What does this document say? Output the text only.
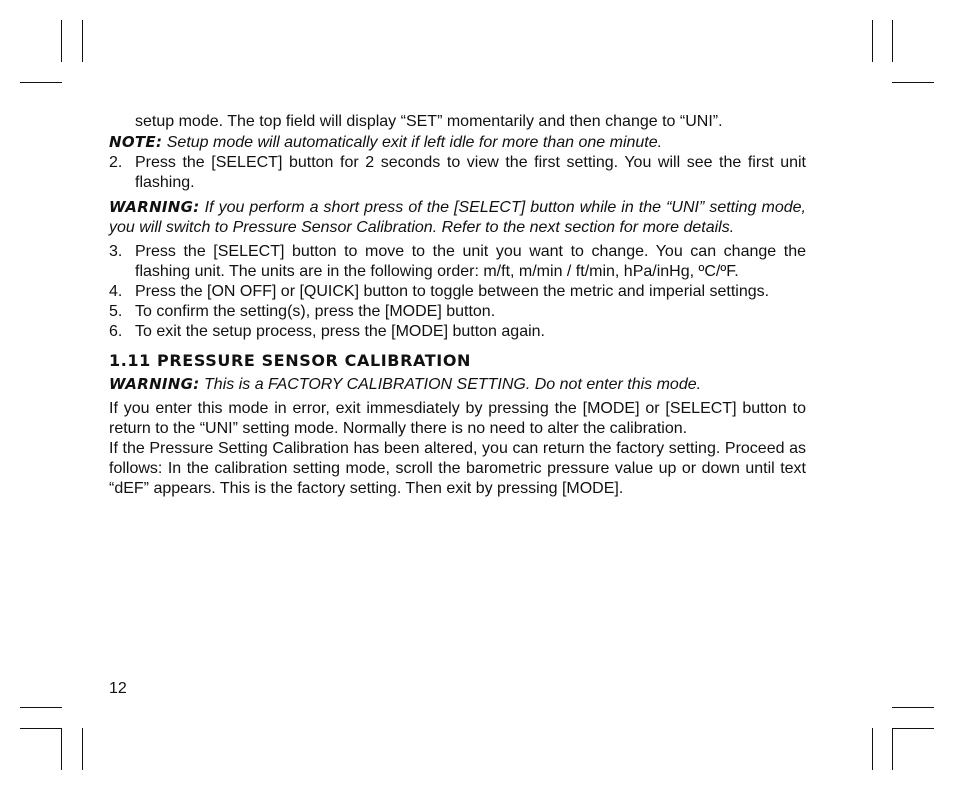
setup mode. The top field will display “SET” momentarily and then change to “UNI”.

NOTE: Setup mode will automatically exit if left idle for more than one minute.

2. Press the [SELECT] button for 2 seconds to view the first setting. You will see the first unit flashing.

WARNING: If you perform a short press of the [SELECT] button while in the “UNI” setting mode, you will switch to Pressure Sensor Calibration. Refer to the next section for more details.

3. Press the [SELECT] button to move to the unit you want to change. You can change the flashing unit. The units are in the following order: m/ft, m/min / ft/min, hPa/inHg, ºC/ºF.

4. Press the [ON OFF] or [QUICK] button to toggle between the metric and imperial settings.

5. To confirm the setting(s), press the [MODE] button.

6. To exit the setup process, press the [MODE] button again.

1.11 PRESSURE SENSOR CALIBRATION

WARNING: This is a FACTORY CALIBRATION SETTING. Do not enter this mode.

If you enter this mode in error, exit immesdiately by pressing the [MODE] or [SELECT] button to return to the “UNI” setting mode. Normally there is no need to alter the calibration.

If the Pressure Setting Calibration has been altered, you can return the factory setting. Proceed as follows: In the calibration setting mode, scroll the barometric pressure value up or down until text “dEF” appears. This is the factory setting. Then exit by pressing [MODE].

12
